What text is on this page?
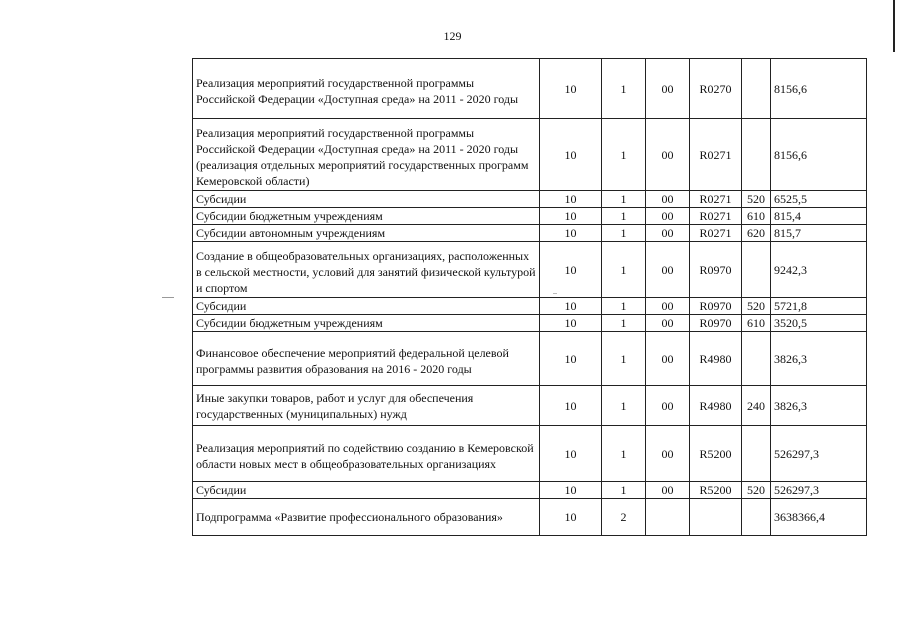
129
Реализация мероприятий государственной программы Российской Федерации «Доступная среда» на 2011 - 2020 годы	10	1	00	R0270		8156,6
Реализация мероприятий государственной программы Российской Федерации «Доступная среда» на 2011 - 2020 годы (реализация отдельных мероприятий государственных программ Кемеровской области)	10	1	00	R0271		8156,6
Субсидии	10	1	00	R0271	520	6525,5
Субсидии бюджетным учреждениям	10	1	00	R0271	610	815,4
Субсидии автономным учреждениям	10	1	00	R0271	620	815,7
Создание в общеобразовательных организациях, расположенных в сельской местности, условий для занятий физической культурой и спортом	10	1	00	R0970		9242,3
Субсидии	10	1	00	R0970	520	5721,8
Субсидии бюджетным учреждениям	10	1	00	R0970	610	3520,5
Финансовое обеспечение мероприятий федеральной целевой программы развития образования на 2016 - 2020 годы	10	1	00	R4980		3826,3
Иные закупки товаров, работ и услуг для обеспечения государственных (муниципальных) нужд	10	1	00	R4980	240	3826,3
Реализация мероприятий по содействию созданию в Кемеровской области новых мест в общеобразовательных организациях	10	1	00	R5200		526297,3
Субсидии	10	1	00	R5200	520	526297,3
Подпрограмма «Развитие профессионального образования»	10	2				3638366,4
